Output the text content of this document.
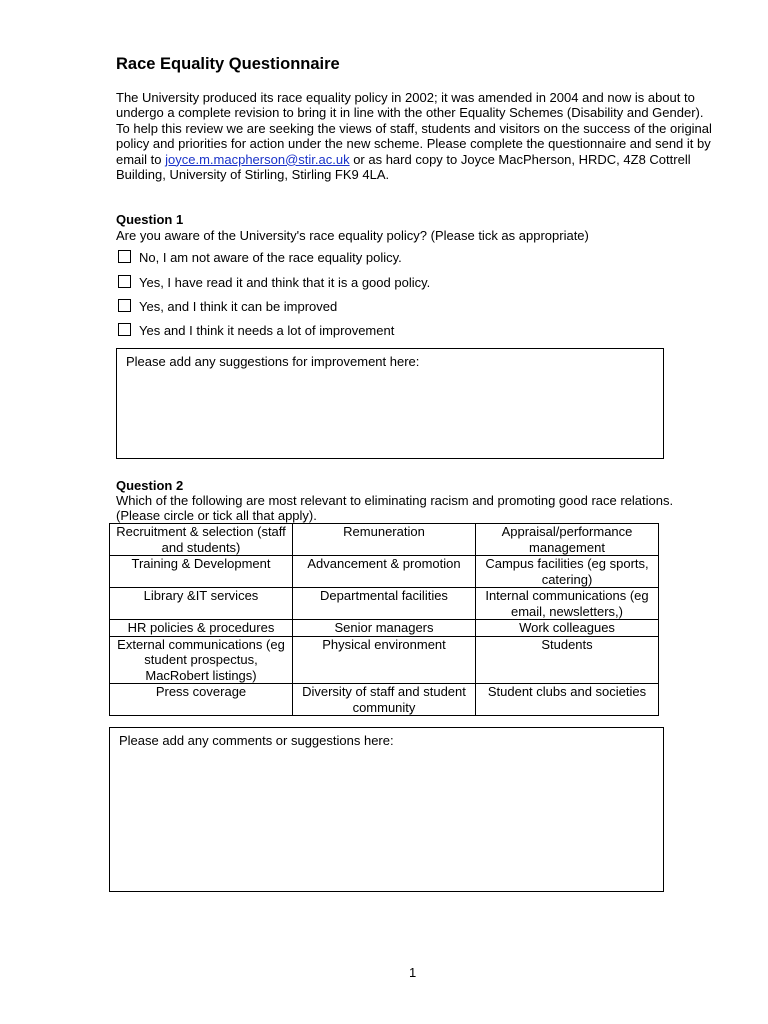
Race Equality Questionnaire
The University produced its race equality policy in 2002; it was amended in 2004 and now is about to undergo a complete revision to bring it in line with the other Equality Schemes (Disability and Gender). To help this review we are seeking the views of staff, students and visitors on the success of the original policy and priorities for action under the new scheme. Please complete the questionnaire and send it by email to joyce.m.macpherson@stir.ac.uk or as hard copy to Joyce MacPherson, HRDC, 4Z8 Cottrell Building, University of Stirling, Stirling FK9 4LA.
Question 1
Are you aware of the University's race equality policy? (Please tick as appropriate)
No, I am not aware of the race equality policy.
Yes, I have read it and think that it is a good policy.
Yes, and I think it can be improved
Yes and I think it needs a lot of improvement
Please add any suggestions for improvement here:
Question 2
Which of the following are most relevant to eliminating racism and promoting good race relations. (Please circle or tick all that apply).
Recruitment & selection (staff and students)	Remuneration	Appraisal/performance management
Training & Development	Advancement & promotion	Campus facilities (eg sports, catering)
Library &IT services	Departmental facilities	Internal communications (eg email, newsletters,)
HR policies & procedures	Senior managers	Work colleagues
External communications (eg student prospectus, MacRobert listings)	Physical environment	Students
Press coverage	Diversity of staff and student community	Student clubs and societies
Please add any comments or suggestions here:
1
